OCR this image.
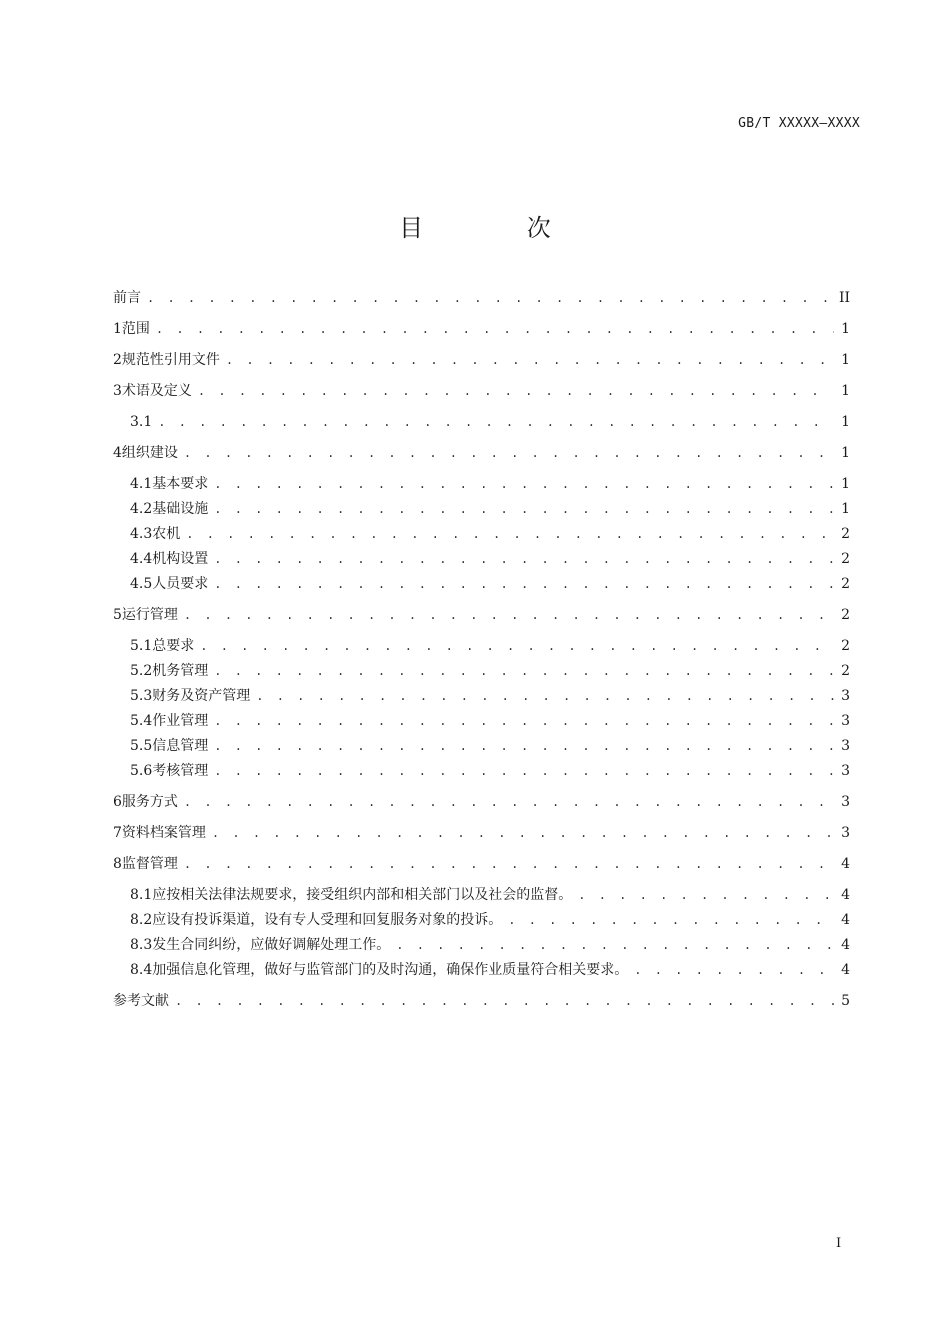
GB/T XXXXX—XXXX
目 次
前言 . . .	II
1 范围 . . .	1
2 规范性引用文件 . . .	1
3 术语及定义 . . .	1
3.1 . . .	1
4 组织建设 . . .	1
4.1 基本要求 . . .	1
4.2 基础设施 . . .	1
4.3 农机 . . .	2
4.4 机构设置 . . .	2
4.5 人员要求 . . .	2
5 运行管理 . . .	2
5.1 总要求 . . .	2
5.2 机务管理 . . .	2
5.3 财务及资产管理 . . .	3
5.4 作业管理 . . .	3
5.5 信息管理 . . .	3
5.6 考核管理 . . .	3
6 服务方式 . . .	3
7 资料档案管理 . . .	3
8 监督管理 . . .	4
8.1 应按相关法律法规要求，接受组织内部和相关部门以及社会的监督。 . . .	4
8.2 应设有投诉渠道，设有专人受理和回复服务对象的投诉。 . . .	4
8.3 发生合同纠纷，应做好调解处理工作。 . . .	4
8.4 加强信息化管理，做好与监管部门的及时沟通，确保作业质量符合相关要求。 . . .	4
参考文献 . . .	5
I
